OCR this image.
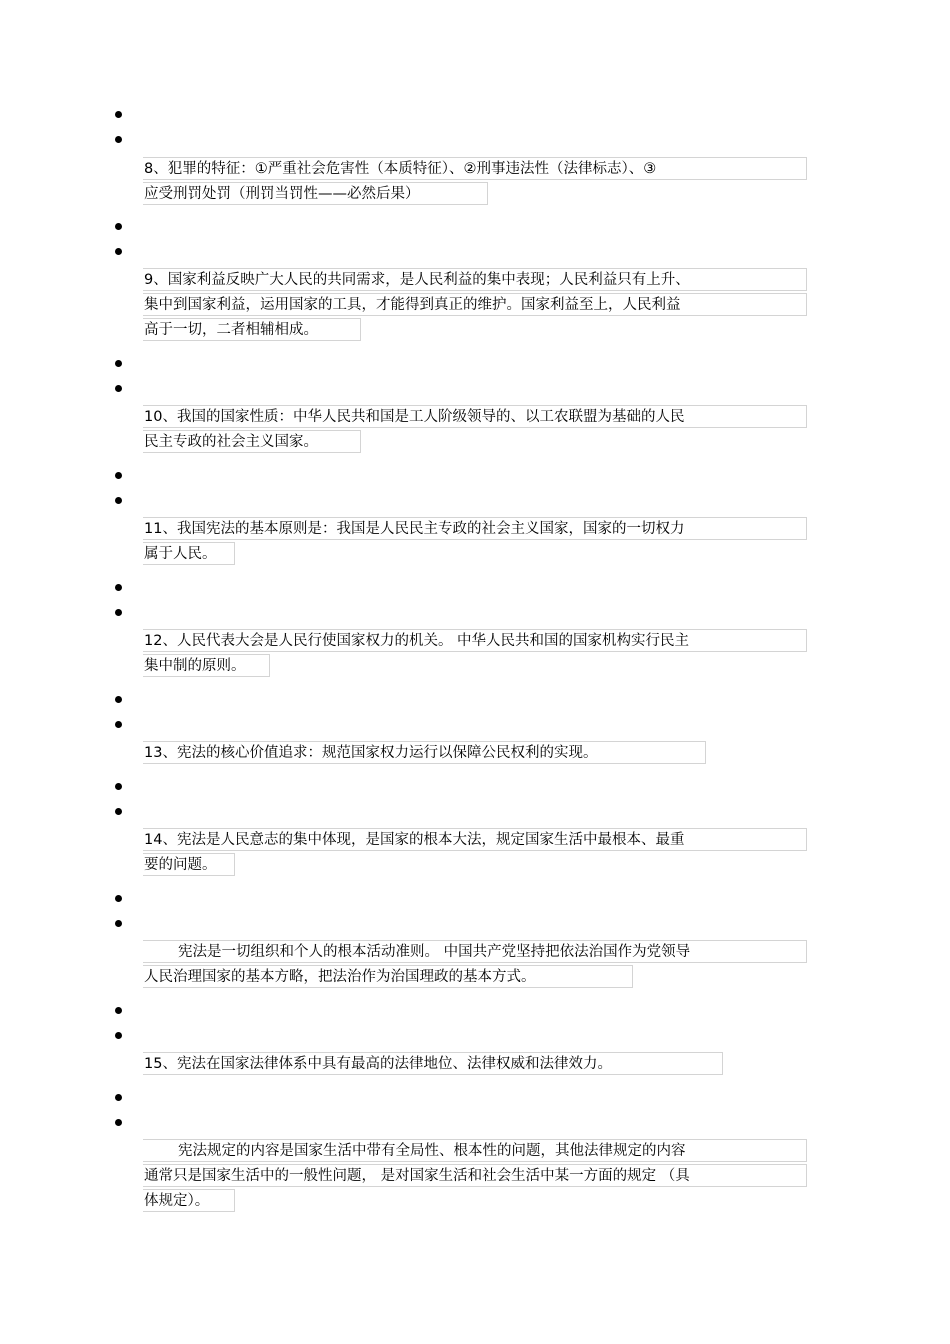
8、犯罪的特征：①严重社会危害性（本质特征）、②刑事违法性（法律标志）、③
应受刑罚处罚（刑罚当罚性——必然后果）
9、国家利益反映广大人民的共同需求，是人民利益的集中表现；人民利益只有上升、
集中到国家利益，运用国家的工具，才能得到真正的维护。国家利益至上，人民利益
高于一切，二者相辅相成。
10、我国的国家性质：中华人民共和国是工人阶级领导的、以工农联盟为基础的人民
民主专政的社会主义国家。
11、我国宪法的基本原则是：我国是人民民主专政的社会主义国家，国家的一切权力
属于人民。
12、人民代表大会是人民行使国家权力的机关。 中华人民共和国的国家机构实行民主
集中制的原则。
13、宪法的核心价值追求：规范国家权力运行以保障公民权利的实现。
14、宪法是人民意志的集中体现，是国家的根本大法，规定国家生活中最根本、最重
要的问题。
宪法是一切组织和个人的根本活动准则。 中国共产党坚持把依法治国作为党领导
人民治理国家的基本方略，把法治作为治国理政的基本方式。
15、宪法在国家法律体系中具有最高的法律地位、法律权威和法律效力。
宪法规定的内容是国家生活中带有全局性、根本性的问题，其他法律规定的内容
通常只是国家生活中的一般性问题， 是对国家生活和社会生活中某一方面的规定 （具
体规定）。
